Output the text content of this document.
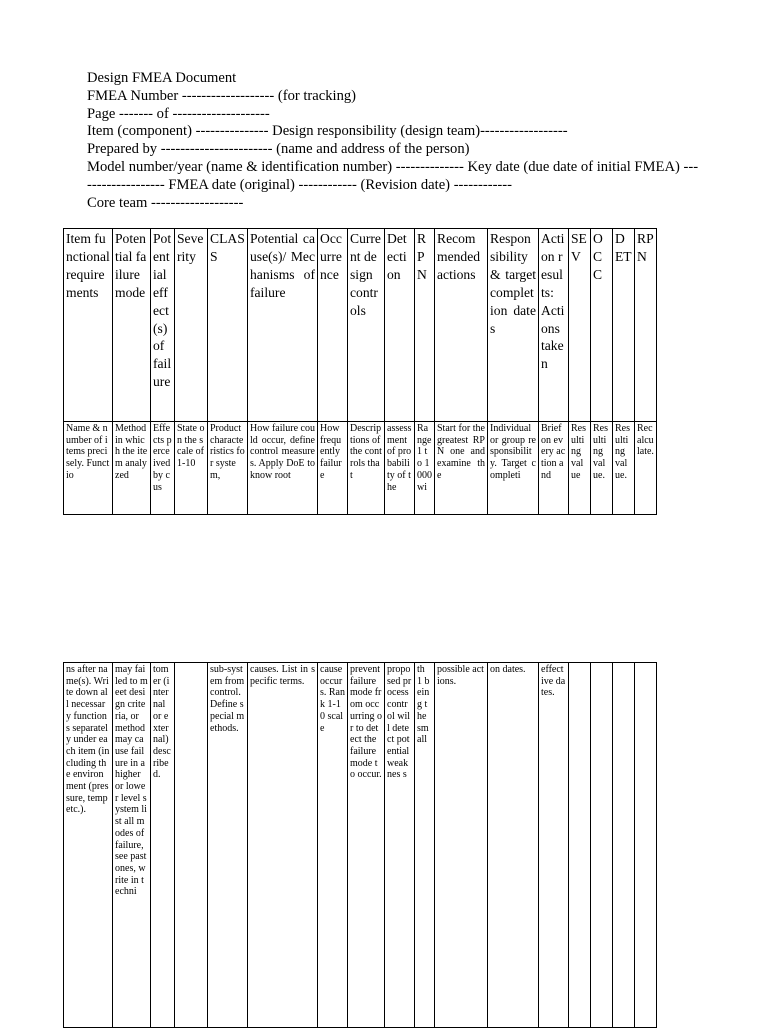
Design FMEA Document
FMEA Number ------------------- (for tracking)
Page ------- of --------------------
Item (component) --------------- Design responsibility (design team)------------------
Prepared by ----------------------- (name and address of the person)
Model number/year (name & identification number) -------------- Key date (due date of initial FMEA) ------------------- FMEA date (original) ------------ (Revision date) ------------
Core team -------------------
Item functional requirements	Potential failure mode	Potential effect(s) of failure	Severity	CLASS	Potential cause(s)/ Mechanisms of failure	Occurrence	Current design controls	Detection	RPN	Recommended actions	Responsibility & target completion dates	Action results: Actions taken	SEV	OCC	DET	RPN
Name & number of items precisely. Functio	Method in which the item analyzed	Effects perceived by cus	State on the scale of 1-10	Product characteristics for system,	How failure could occur, define control measures. Apply DoE to know root	How frequently failure	Descriptions of the controls that	assessment of probability of the	Range 1 to 1000 wi	Start for the greatest RPN one and examine the	Individual or group responsibility. Target completi	Brief on every action and	Resulting value	Resulting value.	Resulting value.	Recalculate.
ns after name(s). Write down all necessary functions separately under each item (including the environment (pressure, temp etc.).	may failed to meet design criteria, or method may cause failure in a higher or lower level system list all modes of failure, see past ones, write in techni	tomer (internal or external) described.		sub-system from control. Define special methods.	causes. List in specific terms.	cause occurs. Rank 1-10 scale	prevent failure mode from occurring or to detect the failure mode to occur.	proposed process control will detect potential weaknes s	th 1 being the small	possible actions.	on dates.	effective dates.				
